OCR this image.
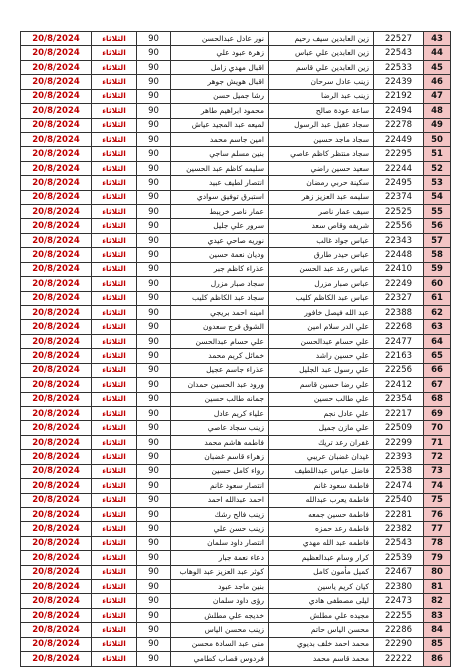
20/8/2024	الثلاثاء	90	نور عادل عبدالحسن	زين العابدين سيف رحيم	22527	43
20/8/2024	الثلاثاء	90	زهرة عبود علي	زين العابدين علي عباس	22543	44
20/8/2024	الثلاثاء	90	اقبال مهدي زامل	زين العابدين علي قاسم	22533	45
20/8/2024	الثلاثاء	90	اقبال هويش جوهر	زينب عادل سرحان	22439	46
20/8/2024	الثلاثاء	90	رشا جميل حسن	زينب عبد الرضا	22192	47
20/8/2024	الثلاثاء	90	محمود ابراهيم طاهر	ساعة عودة صالح	22494	48
20/8/2024	الثلاثاء	90	لميعه عبد المجيد عياش	سجاد عقيل عبد الرسول	22278	49
20/8/2024	الثلاثاء	90	امين جاسم محمد	سجاد ماجد حسين	22449	50
20/8/2024	الثلاثاء	90	بنين مسلم ساجي	سجاد منتظر كاظم عاصي	22295	51
20/8/2024	الثلاثاء	90	سليمه كاظم عبد الحسين	سعيد حسين راضي	22244	52
20/8/2024	الثلاثاء	90	انتصار لطيف عبيد	سكينة حربي رمضان	22495	53
20/8/2024	الثلاثاء	90	استبرق توفيق سوادي	سليمه عبد العزيز زهر	22374	54
20/8/2024	الثلاثاء	90	عمار ناصر خريبط	سيف عمار ناصر	22525	55
20/8/2024	الثلاثاء	90	سرور علي جليل	شريفه وقاص سعد	22556	56
20/8/2024	الثلاثاء	90	نوريه صاحي عيدي	عباس جواد غالب	22343	57
20/8/2024	الثلاثاء	90	وديان نعمة حسين	عباس حيدر طارق	22448	58
20/8/2024	الثلاثاء	90	عذراء كاظم جبر	عباس رعد عبد الحسن	22410	59
20/8/2024	الثلاثاء	90	سجاد صبار مزرل	عباس صبار مزرل	22249	60
20/8/2024	الثلاثاء	90	سجاد عبد الكاظم كليب	عباس عبد الكاظم كليب	22327	61
20/8/2024	الثلاثاء	90	امينه احمد بريجي	عبد الله فيصل خافور	22388	62
20/8/2024	الثلاثاء	90	الشوق فرج سعدون	علي الدر سلام امين	22268	63
20/8/2024	الثلاثاء	90	علي حسام عبدالحسن	علي حسام عبدالحسن	22477	64
20/8/2024	الثلاثاء	90	خمائل كريم محمد	علي حسين راشد	22163	65
20/8/2024	الثلاثاء	90	عذراء جاسم عجيل	علي رسول عبد الجليل	22256	66
20/8/2024	الثلاثاء	90	ورود عبد الحسين حمدان	علي رضا حسين قاسم	22412	67
20/8/2024	الثلاثاء	90	جمانه طالب حسين	علي طالب حسين	22354	68
20/8/2024	الثلاثاء	90	علياء كريم عادل	علي عادل نجم	22217	69
20/8/2024	الثلاثاء	90	زينب سجاد عاصي	علي مازن جميل	22509	70
20/8/2024	الثلاثاء	90	فاطمه هاشم محمد	غفران رعد تريك	22299	71
20/8/2024	الثلاثاء	90	زهراء قاسم غضبان	غيدان غضبان عريبي	22393	72
20/8/2024	الثلاثاء	90	رواء كامل حسين	فاضل عباس عبداللطيف	22538	73
20/8/2024	الثلاثاء	90	انتصار سعود غانم	فاطمة سعود غانم	22474	74
20/8/2024	الثلاثاء	90	احمد عبدالله احمد	فاطمة يعرب عبدالله	22540	75
20/8/2024	الثلاثاء	90	زينب فالح رشك	فاطمة حسين جمعه	22281	76
20/8/2024	الثلاثاء	90	زينب حسن علي	فاطمة رعد حمزه	22382	77
20/8/2024	الثلاثاء	90	انتصار داود سلمان	فاطمه عبد الله مهدي	22543	78
20/8/2024	الثلاثاء	90	دعاء نعمة جبار	كرار وسام عبدالعظيم	22539	79
20/8/2024	الثلاثاء	90	كوثر عبد العزيز عبد الوهاب	كميل مأمون كامل	22467	80
20/8/2024	الثلاثاء	90	بنين ماجد عبود	كيان كريم ياسين	22380	81
20/8/2024	الثلاثاء	90	رؤى داود سلمان	ليلى مصطفى هادي	22473	82
20/8/2024	الثلاثاء	90	خديجه علي مطلش	مجيده علي مطلش	22255	83
20/8/2024	الثلاثاء	90	زينب محسن الياس	محسن الياس حاتم	22286	84
20/8/2024	الثلاثاء	90	منى عبد السادة محسن	محمد احمد خلف بديوي	22290	85
20/8/2024	الثلاثاء	90	فردوس قصاب كطامي	محمد قاسم محمد	22222	86
